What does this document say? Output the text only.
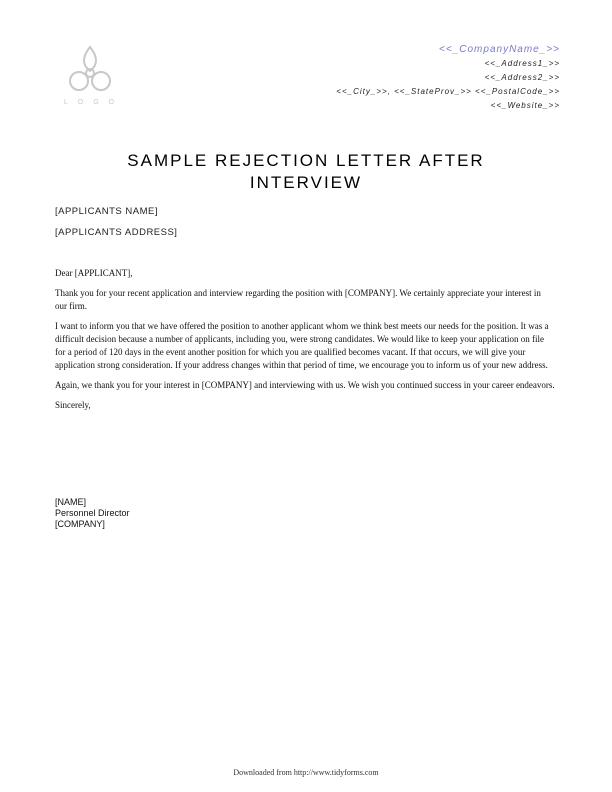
LOGO
<<_CompanyName_>>
<<_Address1_>>
<<_Address2_>>
<<_City_>>, <<_StateProv_>> <<_PostalCode_>>
<<_Website_>>
SAMPLE REJECTION LETTER AFTER
INTERVIEW
[APPLICANTS NAME]
[APPLICANTS ADDRESS]

Dear [APPLICANT],

Thank you for your recent application and interview regarding the position with [COMPANY]. We certainly appreciate your interest in our firm.

I want to inform you that we have offered the position to another applicant whom we think best meets our needs for the position. It was a difficult decision because a number of applicants, including you, were strong candidates. We would like to keep your application on file for a period of 120 days in the event another position for which you are qualified becomes vacant. If that occurs, we will give your application strong consideration. If your address changes within that period of time, we encourage you to inform us of your new address.

Again, we thank you for your interest in [COMPANY] and interviewing with us. We wish you continued success in your career endeavors.

Sincerely,

[NAME]
Personnel Director
[COMPANY]
Downloaded from http://www.tidyforms.com
